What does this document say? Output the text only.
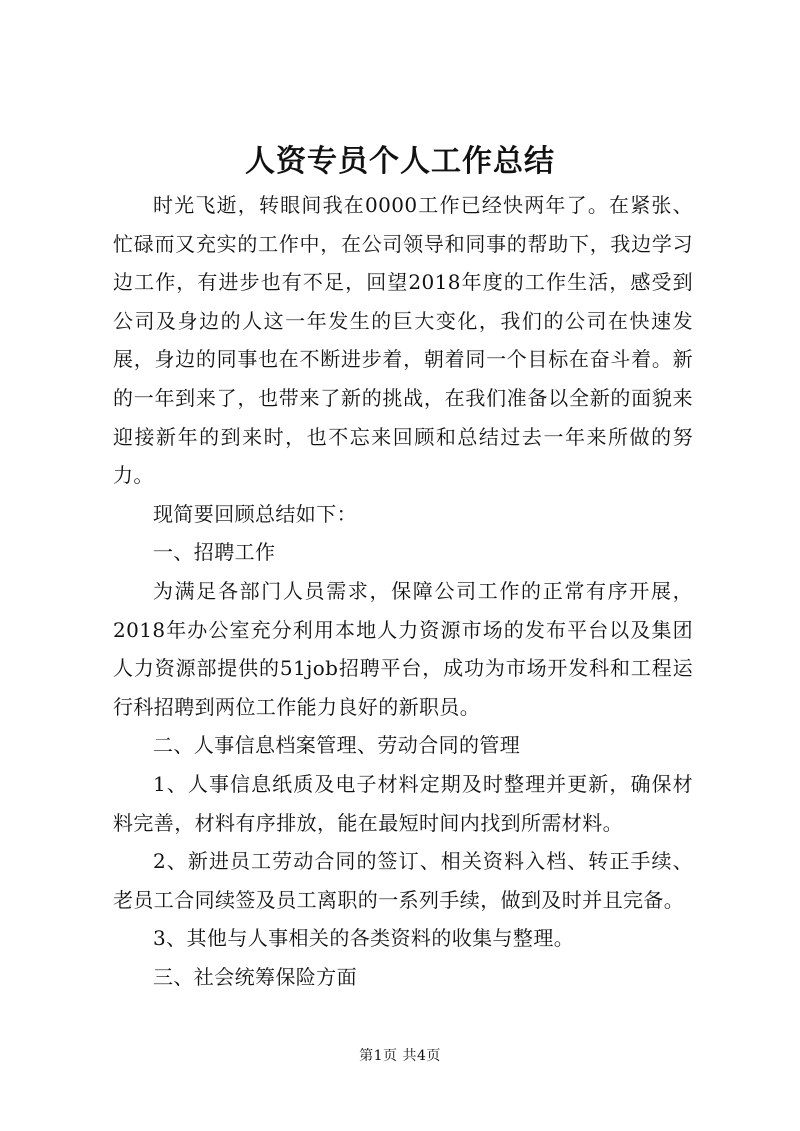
人资专员个人工作总结

时光飞逝，转眼间我在0000工作已经快两年了。在紧张、忙碌而又充实的工作中，在公司领导和同事的帮助下，我边学习边工作，有进步也有不足，回望2018年度的工作生活，感受到公司及身边的人这一年发生的巨大变化，我们的公司在快速发展，身边的同事也在不断进步着，朝着同一个目标在奋斗着。新的一年到来了，也带来了新的挑战，在我们准备以全新的面貌来迎接新年的到来时，也不忘来回顾和总结过去一年来所做的努力。

现简要回顾总结如下：

一、招聘工作

为满足各部门人员需求，保障公司工作的正常有序开展，2018年办公室充分利用本地人力资源市场的发布平台以及集团人力资源部提供的51job招聘平台，成功为市场开发科和工程运行科招聘到两位工作能力良好的新职员。

二、人事信息档案管理、劳动合同的管理

1、人事信息纸质及电子材料定期及时整理并更新，确保材料完善，材料有序排放，能在最短时间内找到所需材料。

2、新进员工劳动合同的签订、相关资料入档、转正手续、老员工合同续签及员工离职的一系列手续，做到及时并且完备。

3、其他与人事相关的各类资料的收集与整理。

三、社会统筹保险方面

第1页 共4页
